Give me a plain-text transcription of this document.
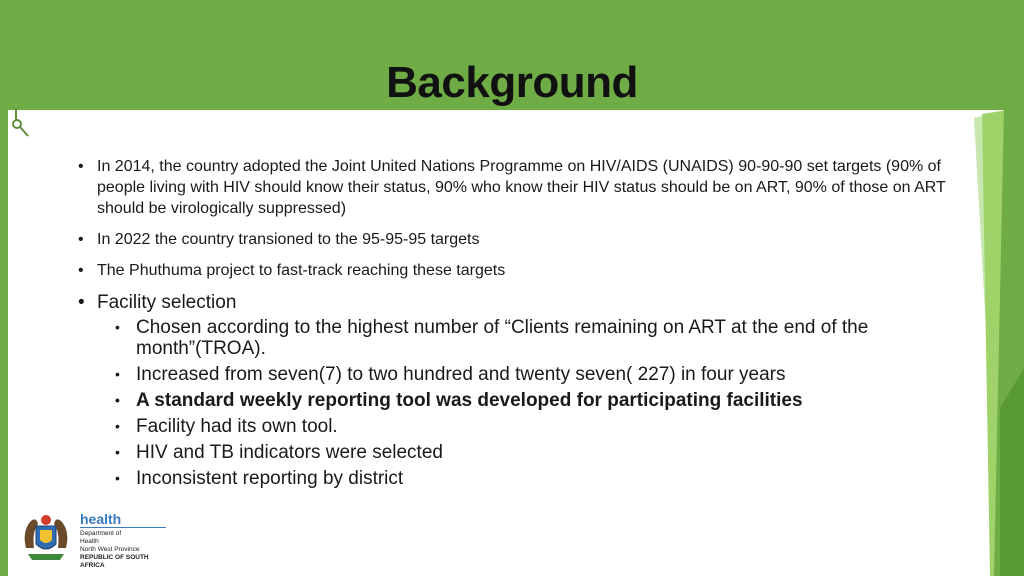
Background
• In 2014, the country adopted the Joint United Nations Programme on HIV/AIDS (UNAIDS) 90-90-90 set targets (90% of people living with HIV should know their status, 90% who know their HIV status should be on ART, 90% of those on ART should be virologically suppressed)
• In 2022 the country transioned to the 95-95-95 targets
• The Phuthuma project to fast-track reaching these targets
• Facility selection
• Chosen according to the highest number of “Clients remaining on ART at the end of the month”(TROA).
• Increased from seven(7) to two hundred and twenty seven( 227) in four years
• A standard weekly reporting tool was developed for participating facilities
• Facility had its own tool.
• HIV and TB indicators were selected
• Inconsistent reporting by district
health
Department of
Health
North West Province
REPUBLIC OF SOUTH AFRICA
